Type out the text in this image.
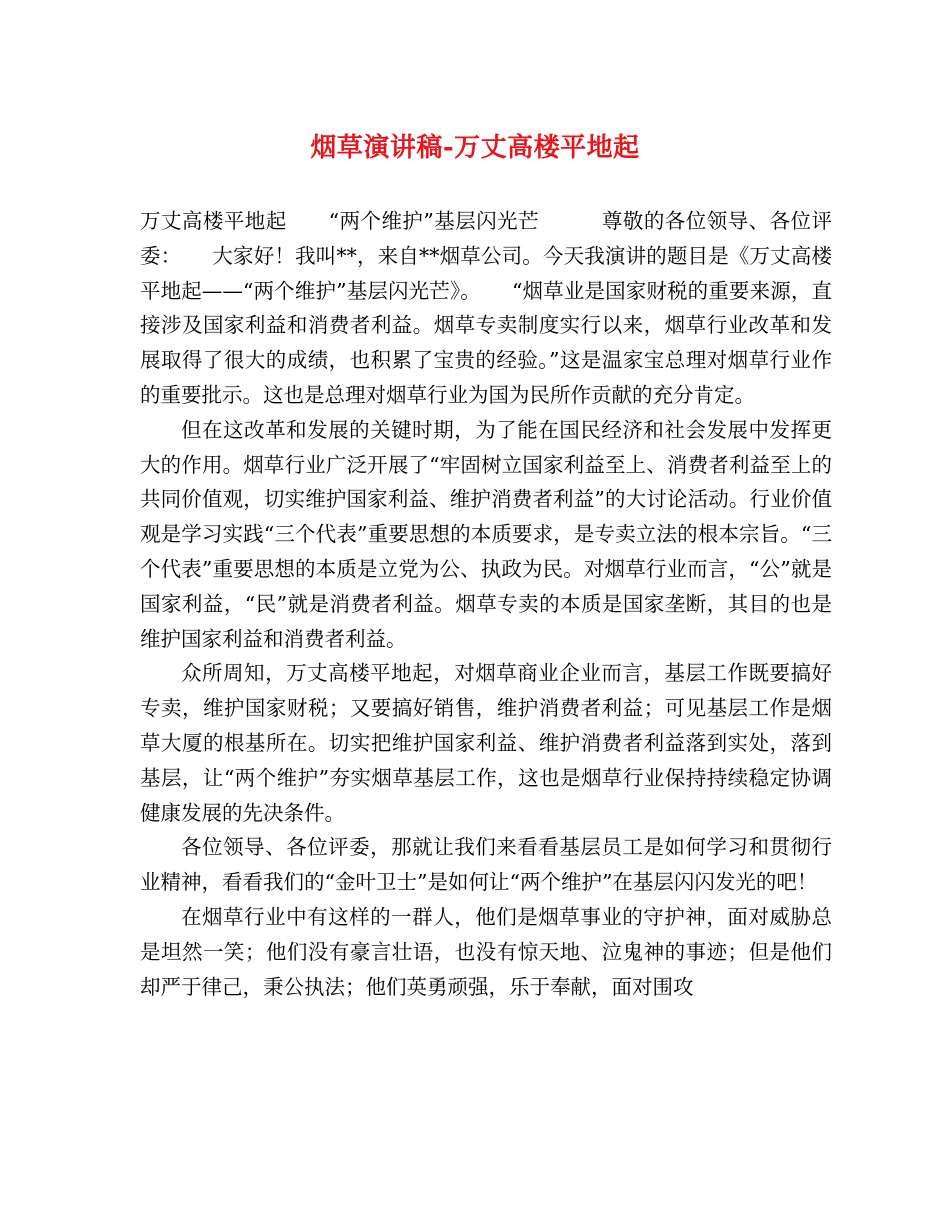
烟草演讲稿-万丈高楼平地起

万丈高楼平地起　　“两个维护”基层闪光芒　　　尊敬的各位领导、各位评委：　　大家好！我叫**，来自**烟草公司。今天我演讲的题目是《万丈高楼平地起——“两个维护”基层闪光芒》。　　“烟草业是国家财税的重要来源，直接涉及国家利益和消费者利益。烟草专卖制度实行以来，烟草行业改革和发展取得了很大的成绩，也积累了宝贵的经验。”这是温家宝总理对烟草行业作的重要批示。这也是总理对烟草行业为国为民所作贡献的充分肯定。

但在这改革和发展的关键时期，为了能在国民经济和社会发展中发挥更大的作用。烟草行业广泛开展了“牢固树立国家利益至上、消费者利益至上的共同价值观，切实维护国家利益、维护消费者利益”的大讨论活动。行业价值观是学习实践“三个代表”重要思想的本质要求，是专卖立法的根本宗旨。“三个代表”重要思想的本质是立党为公、执政为民。对烟草行业而言，“公”就是国家利益，“民”就是消费者利益。烟草专卖的本质是国家垄断，其目的也是维护国家利益和消费者利益。

众所周知，万丈高楼平地起，对烟草商业企业而言，基层工作既要搞好专卖，维护国家财税；又要搞好销售，维护消费者利益；可见基层工作是烟草大厦的根基所在。切实把维护国家利益、维护消费者利益落到实处，落到基层，让“两个维护”夯实烟草基层工作，这也是烟草行业保持持续稳定协调健康发展的先决条件。

各位领导、各位评委，那就让我们来看看基层员工是如何学习和贯彻行业精神，看看我们的“金叶卫士”是如何让“两个维护”在基层闪闪发光的吧！

在烟草行业中有这样的一群人，他们是烟草事业的守护神，面对威胁总是坦然一笑；他们没有豪言壮语，也没有惊天地、泣鬼神的事迹；但是他们却严于律己，秉公执法；他们英勇顽强，乐于奉献，面对围攻
